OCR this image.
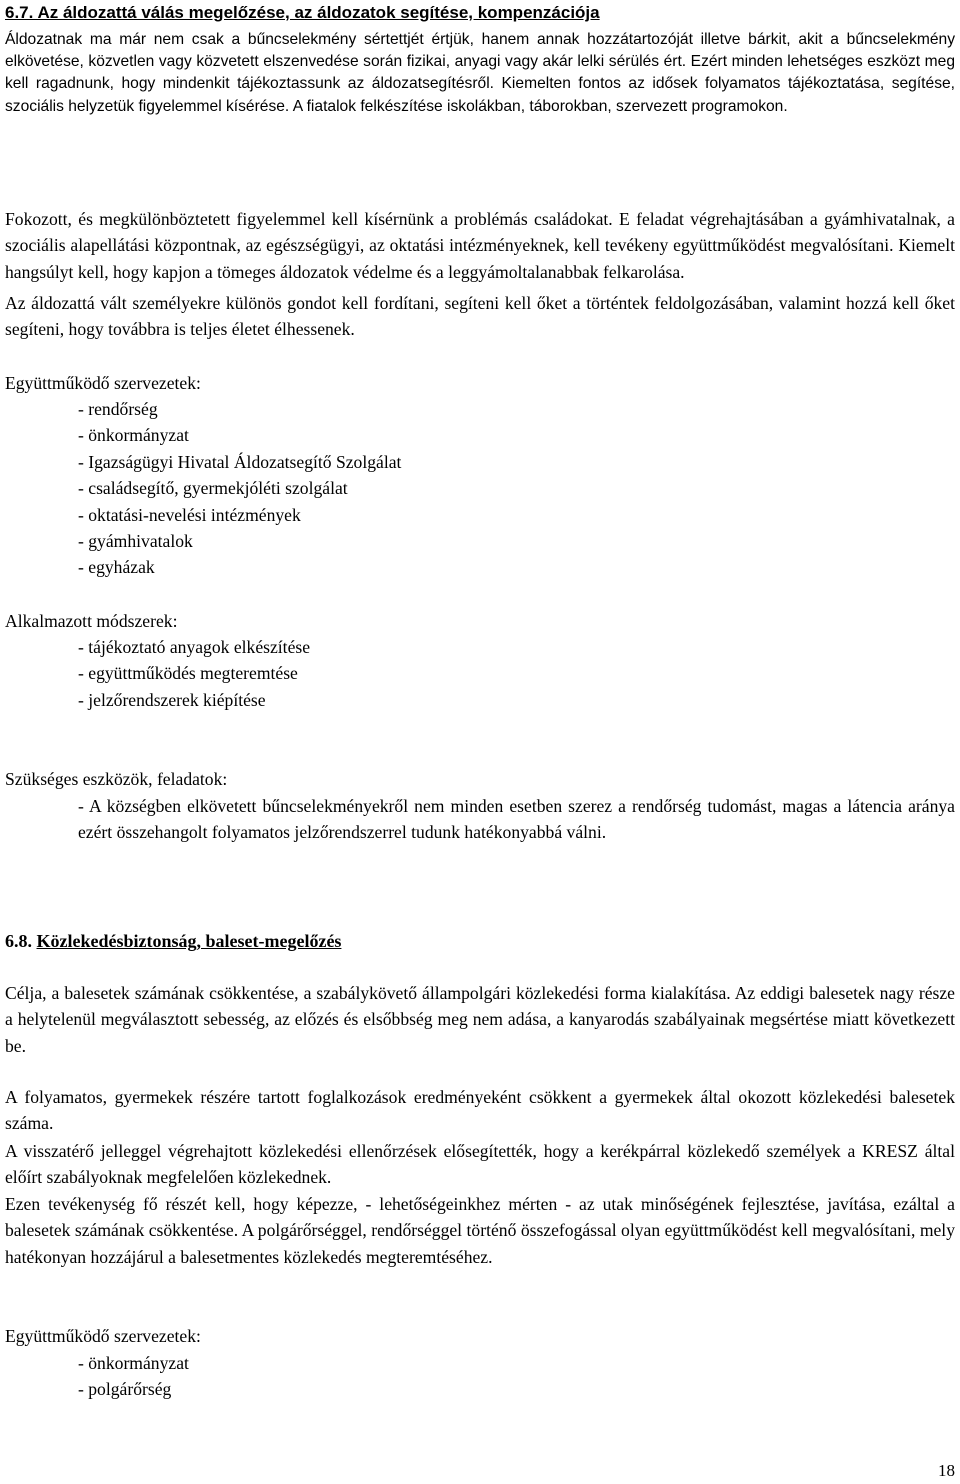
6.7. Az áldozattá válás megelőzése, az áldozatok segítése, kompenzációja

Áldozatnak ma már nem csak a bűncselekmény sértettjét értjük, hanem annak hozzátartozóját illetve bárkit, akit a bűncselekmény elkövetése, közvetlen vagy közvetett elszenvedése során fizikai, anyagi vagy akár lelki sérülés ért. Ezért minden lehetséges eszközt meg kell ragadnunk, hogy mindenkit tájékoztassunk az áldozatsegítésről. Kiemelten fontos az idősek folyamatos tájékoztatása, segítése, szociális helyzetük figyelemmel kísérése. A fiatalok felkészítése iskolákban, táborokban, szervezett programokon.

Fokozott, és megkülönböztetett figyelemmel kell kísérnünk a problémás családokat. E feladat végrehajtásában a gyámhivatalnak, a szociális alapellátási központnak, az egészségügyi, az oktatási intézményeknek, kell tevékeny együttműködést megvalósítani. Kiemelt hangsúlyt kell, hogy kapjon a tömeges áldozatok védelme és a leggyámoltalanabbak felkarolása.

Az áldozattá vált személyekre különös gondot kell fordítani, segíteni kell őket a történtek feldolgozásában, valamint hozzá kell őket segíteni, hogy továbbra is teljes életet élhessenek.

Együttműködő szervezetek:
- rendőrség
- önkormányzat
- Igazságügyi Hivatal Áldozatsegítő Szolgálat
- családsegítő, gyermekjóléti szolgálat
- oktatási-nevelési intézmények
- gyámhivatalok
- egyházak
Alkalmazott módszerek:
- tájékoztató anyagok elkészítése
- együttműködés megteremtése
- jelzőrendszerek kiépítése
Szükséges eszközök, feladatok:

- A községben elkövetett bűncselekményekről nem minden esetben szerez a rendőrség tudomást, magas a látencia aránya ezért összehangolt folyamatos jelzőrendszerrel tudunk hatékonyabbá válni.

6.8. Közlekedésbiztonság, baleset-megelőzés

Célja, a balesetek számának csökkentése, a szabálykövető állampolgári közlekedési forma kialakítása. Az eddigi balesetek nagy része a helytelenül megválasztott sebesség, az előzés és elsőbbség meg nem adása, a kanyarodás szabályainak megsértése miatt következett be.

A folyamatos, gyermekek részére tartott foglalkozások eredményeként csökkent a gyermekek által okozott közlekedési balesetek száma.

A visszatérő jelleggel végrehajtott közlekedési ellenőrzések elősegítették, hogy a kerékpárral közlekedő személyek a KRESZ által előírt szabályoknak megfelelően közlekednek.

Ezen tevékenység fő részét kell, hogy képezze, - lehetőségeinkhez mérten - az utak minőségének fejlesztése, javítása, ezáltal a balesetek számának csökkentése. A polgárőrséggel, rendőrséggel történő összefogással olyan együttműködést kell megvalósítani, mely hatékonyan hozzájárul a balesetmentes közlekedés megteremtéséhez.

Együttműködő szervezetek:
- önkormányzat
- polgárőrség
18
